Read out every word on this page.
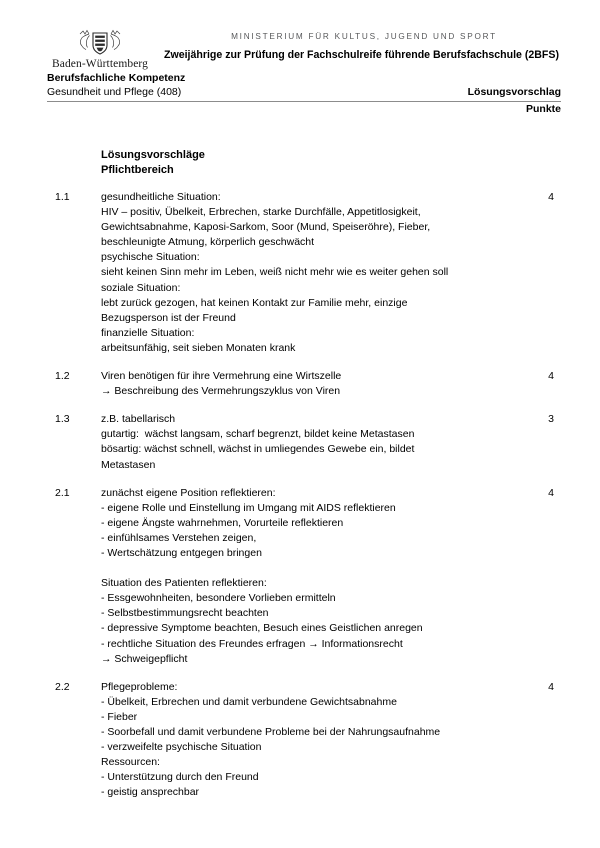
MINISTERIUM FÜR KULTUS, JUGEND UND SPORT
Baden-Württemberg
Zweijährige zur Prüfung der Fachschulreife führende Berufsfachschule (2BFS)
Berufsfachliche Kompetenz
Gesundheit und Pflege (408)	Lösungsvorschlag
Punkte
Lösungsvorschläge
Pflichtbereich
1.1	gesundheitliche Situation:
HIV – positiv, Übelkeit, Erbrechen, starke Durchfälle, Appetitlosigkeit,
Gewichtsabnahme, Kaposi-Sarkom, Soor (Mund, Speiseröhre), Fieber,
beschleunigte Atmung, körperlich geschwächt
psychische Situation:
sieht keinen Sinn mehr im Leben, weiß nicht mehr wie es weiter gehen soll
soziale Situation:
lebt zurück gezogen, hat keinen Kontakt zur Familie mehr, einzige
Bezugsperson ist der Freund
finanzielle Situation:
arbeitsunfähig, seit sieben Monaten krank
4
1.2	Viren benötigen für ihre Vermehrung eine Wirtszelle
→ Beschreibung des Vermehrungszyklus von Viren
4
1.3	z.B. tabellarisch
gutartig:  wächst langsam, scharf begrenzt, bildet keine Metastasen
bösartig: wächst schnell, wächst in umliegendes Gewebe ein, bildet
Metastasen
3
2.1	zunächst eigene Position reflektieren:
- eigene Rolle und Einstellung im Umgang mit AIDS reflektieren
- eigene Ängste wahrnehmen, Vorurteile reflektieren
- einfühlsames Verstehen zeigen,
- Wertschätzung entgegen bringen
Situation des Patienten reflektieren:
- Essgewohnheiten, besondere Vorlieben ermitteln
- Selbstbestimmungsrecht beachten
- depressive Symptome beachten, Besuch eines Geistlichen anregen
- rechtliche Situation des Freundes erfragen → Informationsrecht
→ Schweigepflicht
4
2.2	Pflegeprobleme:
- Übelkeit, Erbrechen und damit verbundene Gewichtsabnahme
- Fieber
- Soorbefall und damit verbundene Probleme bei der Nahrungsaufnahme
- verzweifelte psychische Situation
Ressourcen:
- Unterstützung durch den Freund
- geistig ansprechbar
4
